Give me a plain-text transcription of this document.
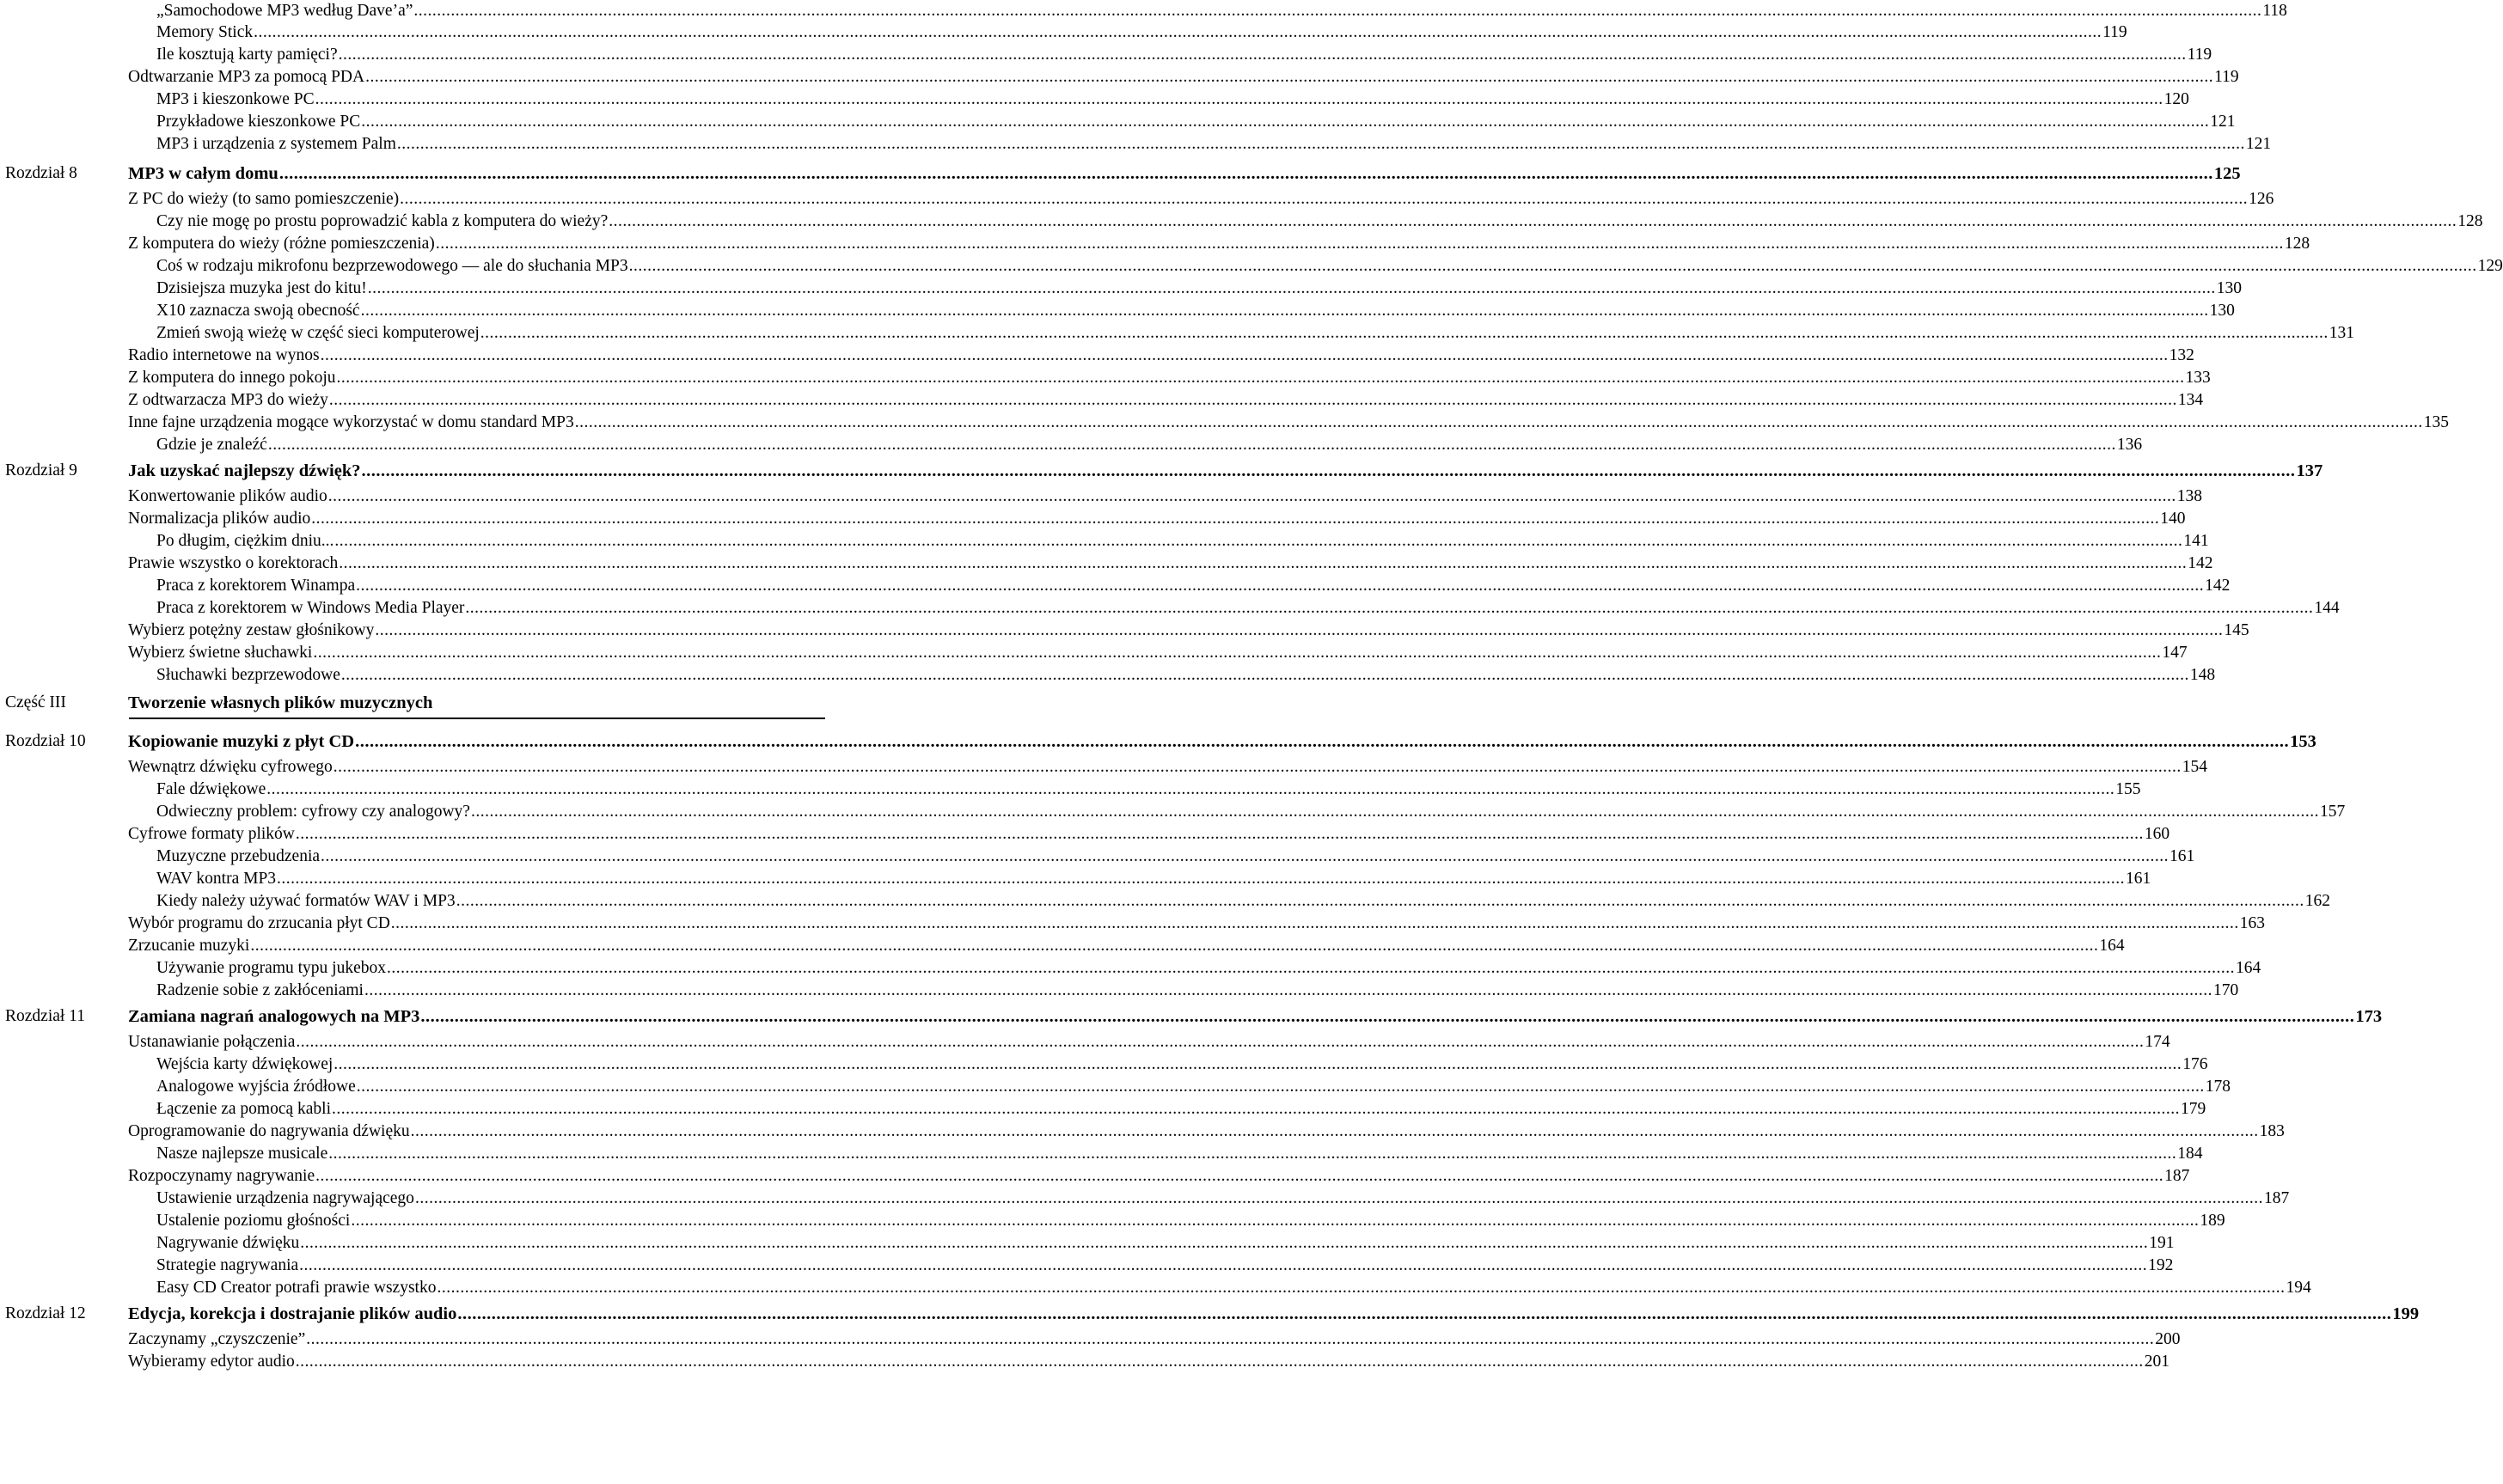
„Samochodowe MP3 według Dave’a” ................................................................................................................................................................................................................................................................................................................................................................................................................ 118
Memory Stick ................................................................................................................................................................................................................................................................................................................................................................................................................ 119
Ile kosztują karty pamięci? ................................................................................................................................................................................................................................................................................................................................................................................................................ 119
Odtwarzanie MP3 za pomocą PDA ................................................................................................................................................................................................................................................................................................................................................................................................................ 119
MP3 i kieszonkowe PC ................................................................................................................................................................................................................................................................................................................................................................................................................ 120
Przykładowe kieszonkowe PC ................................................................................................................................................................................................................................................................................................................................................................................................................ 121
MP3 i urządzenia z systemem Palm ................................................................................................................................................................................................................................................................................................................................................................................................................ 121
Rozdział 8	MP3 w całym domu ................................................................................................................................................................................................................................................................................................................................................................................................................ 125
Z PC do wieży (to samo pomieszczenie) ................................................................................................................................................................................................................................................................................................................................................................................................................ 126
Czy nie mogę po prostu poprowadzić kabla z komputera do wieży? ................................................................................................................................................................................................................................................................................................................................................................................................................ 128
Z komputera do wieży (różne pomieszczenia) ................................................................................................................................................................................................................................................................................................................................................................................................................ 128
Coś w rodzaju mikrofonu bezprzewodowego — ale do słuchania MP3 ................................................................................................................................................................................................................................................................................................................................................................................................................ 129
Dzisiejsza muzyka jest do kitu! ................................................................................................................................................................................................................................................................................................................................................................................................................ 130
X10 zaznacza swoją obecność ................................................................................................................................................................................................................................................................................................................................................................................................................ 130
Zmień swoją wieżę w część sieci komputerowej ................................................................................................................................................................................................................................................................................................................................................................................................................ 131
Radio internetowe na wynos ................................................................................................................................................................................................................................................................................................................................................................................................................ 132
Z komputera do innego pokoju ................................................................................................................................................................................................................................................................................................................................................................................................................ 133
Z odtwarzacza MP3 do wieży ................................................................................................................................................................................................................................................................................................................................................................................................................ 134
Inne fajne urządzenia mogące wykorzystać w domu standard MP3 ................................................................................................................................................................................................................................................................................................................................................................................................................ 135
Gdzie je znaleźć ................................................................................................................................................................................................................................................................................................................................................................................................................ 136
Rozdział 9	Jak uzyskać najlepszy dźwięk? ................................................................................................................................................................................................................................................................................................................................................................................................................ 137
Konwertowanie plików audio ................................................................................................................................................................................................................................................................................................................................................................................................................ 138
Normalizacja plików audio ................................................................................................................................................................................................................................................................................................................................................................................................................ 140
Po długim, ciężkim dniu... ................................................................................................................................................................................................................................................................................................................................................................................................................ 141
Prawie wszystko o korektorach ................................................................................................................................................................................................................................................................................................................................................................................................................ 142
Praca z korektorem Winampa ................................................................................................................................................................................................................................................................................................................................................................................................................ 142
Praca z korektorem w Windows Media Player ................................................................................................................................................................................................................................................................................................................................................................................................................ 144
Wybierz potężny zestaw głośnikowy ................................................................................................................................................................................................................................................................................................................................................................................................................ 145
Wybierz świetne słuchawki ................................................................................................................................................................................................................................................................................................................................................................................................................ 147
Słuchawki bezprzewodowe ................................................................................................................................................................................................................................................................................................................................................................................................................ 148
Część III	Tworzenie własnych plików muzycznych
Rozdział 10 Kopiowanie muzyki z płyt CD ................................................................................................................................................................................................................................................................................................................................................................................................................ 153
Wewnątrz dźwięku cyfrowego ................................................................................................................................................................................................................................................................................................................................................................................................................ 154
Fale dźwiękowe ................................................................................................................................................................................................................................................................................................................................................................................................................ 155
Odwieczny problem: cyfrowy czy analogowy? ................................................................................................................................................................................................................................................................................................................................................................................................................ 157
Cyfrowe formaty plików ................................................................................................................................................................................................................................................................................................................................................................................................................ 160
Muzyczne przebudzenia ................................................................................................................................................................................................................................................................................................................................................................................................................ 161
WAV kontra MP3 ................................................................................................................................................................................................................................................................................................................................................................................................................ 161
Kiedy należy używać formatów WAV i MP3 ................................................................................................................................................................................................................................................................................................................................................................................................................ 162
Wybór programu do zrzucania płyt CD ................................................................................................................................................................................................................................................................................................................................................................................................................ 163
Zrzucanie muzyki ................................................................................................................................................................................................................................................................................................................................................................................................................ 164
Używanie programu typu jukebox ................................................................................................................................................................................................................................................................................................................................................................................................................ 164
Radzenie sobie z zakłóceniami ................................................................................................................................................................................................................................................................................................................................................................................................................ 170
Rozdział 11 Zamiana nagrań analogowych na MP3 ................................................................................................................................................................................................................................................................................................................................................................................................................ 173
Ustanawianie połączenia ................................................................................................................................................................................................................................................................................................................................................................................................................ 174
Wejścia karty dźwiękowej ................................................................................................................................................................................................................................................................................................................................................................................................................ 176
Analogowe wyjścia źródłowe ................................................................................................................................................................................................................................................................................................................................................................................................................ 178
Łączenie za pomocą kabli ................................................................................................................................................................................................................................................................................................................................................................................................................ 179
Oprogramowanie do nagrywania dźwięku ................................................................................................................................................................................................................................................................................................................................................................................................................ 183
Nasze najlepsze musicale ................................................................................................................................................................................................................................................................................................................................................................................................................ 184
Rozpoczynamy nagrywanie ................................................................................................................................................................................................................................................................................................................................................................................................................ 187
Ustawienie urządzenia nagrywającego ................................................................................................................................................................................................................................................................................................................................................................................................................ 187
Ustalenie poziomu głośności ................................................................................................................................................................................................................................................................................................................................................................................................................ 189
Nagrywanie dźwięku ................................................................................................................................................................................................................................................................................................................................................................................................................ 191
Strategie nagrywania ................................................................................................................................................................................................................................................................................................................................................................................................................ 192
Easy CD Creator potrafi prawie wszystko ................................................................................................................................................................................................................................................................................................................................................................................................................ 194
Rozdział 12 Edycja, korekcja i dostrajanie plików audio ................................................................................................................................................................................................................................................................................................................................................................................................................ 199
Zaczynamy „czyszczenie” ................................................................................................................................................................................................................................................................................................................................................................................................................ 200
Wybieramy edytor audio ................................................................................................................................................................................................................................................................................................................................................................................................................ 201
